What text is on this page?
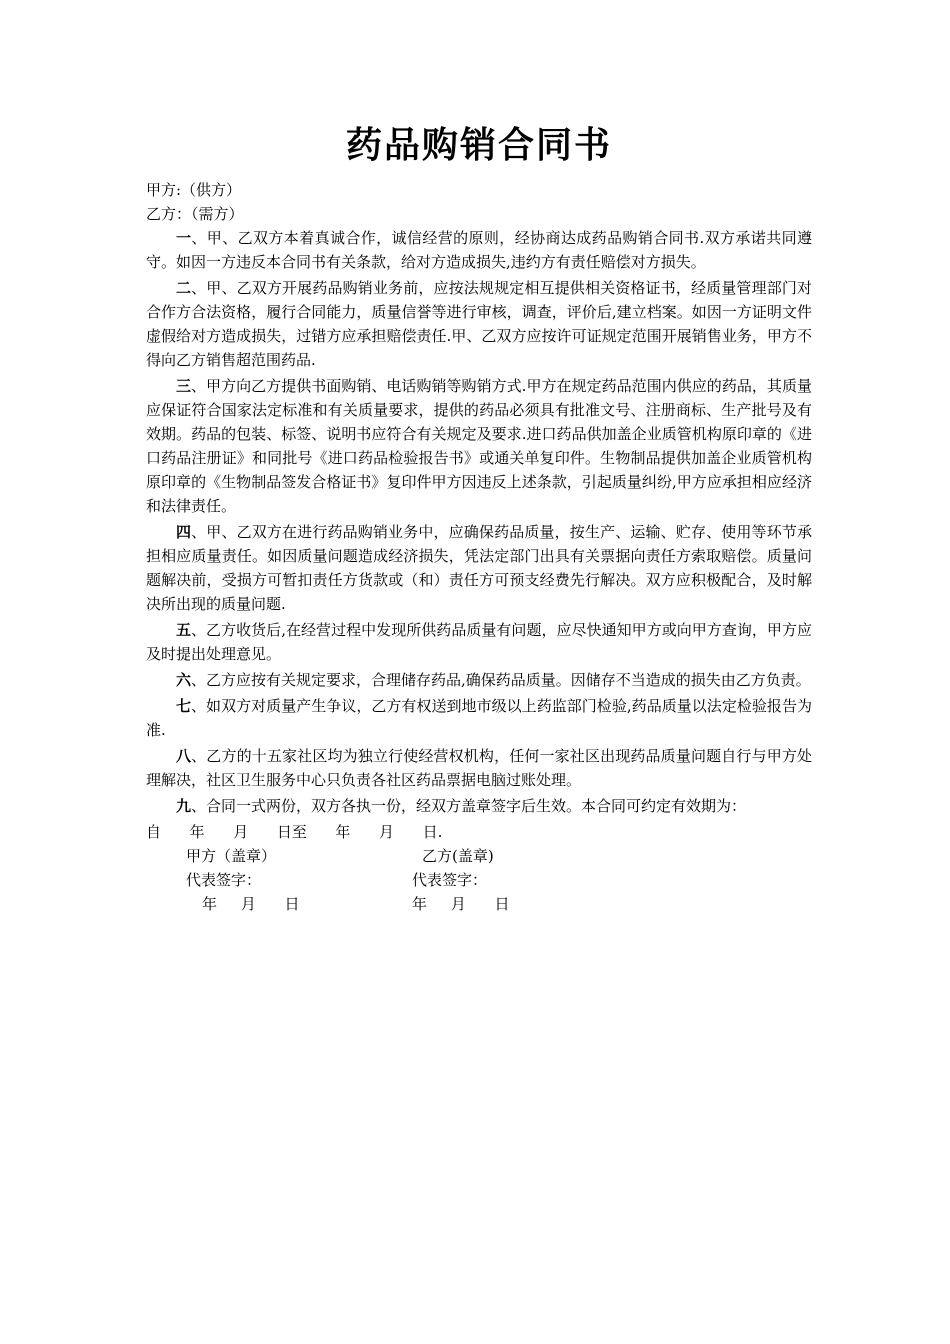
药品购销合同书

甲方:（供方）

乙方：（需方）

一、甲、乙双方本着真诚合作，诚信经营的原则，经协商达成药品购销合同书.双方承诺共同遵守。如因一方违反本合同书有关条款，给对方造成损失,违约方有责任赔偿对方损失。

二、甲、乙双方开展药品购销业务前，应按法规规定相互提供相关资格证书，经质量管理部门对合作方合法资格，履行合同能力，质量信誉等进行审核，调查，评价后,建立档案。如因一方证明文件虚假给对方造成损失，过错方应承担赔偿责任.甲、乙双方应按许可证规定范围开展销售业务，甲方不得向乙方销售超范围药品.

三、甲方向乙方提供书面购销、电话购销等购销方式.甲方在规定药品范围内供应的药品，其质量应保证符合国家法定标准和有关质量要求，提供的药品必须具有批准文号、注册商标、生产批号及有效期。药品的包装、标签、说明书应符合有关规定及要求.进口药品供加盖企业质管机构原印章的《进口药品注册证》和同批号《进口药品检验报告书》或通关单复印件。生物制品提供加盖企业质管机构原印章的《生物制品签发合格证书》复印件甲方因违反上述条款，引起质量纠纷,甲方应承担相应经济和法律责任。

四、甲、乙双方在进行药品购销业务中，应确保药品质量，按生产、运输、贮存、使用等环节承担相应质量责任。如因质量问题造成经济损失，凭法定部门出具有关票据向责任方索取赔偿。质量问题解决前，受损方可暂扣责任方货款或（和）责任方可预支经费先行解决。双方应积极配合，及时解决所出现的质量问题.

五、乙方收货后,在经营过程中发现所供药品质量有问题，应尽快通知甲方或向甲方查询，甲方应及时提出处理意见。

六、乙方应按有关规定要求，合理储存药品,确保药品质量。因储存不当造成的损失由乙方负责。

七、如双方对质量产生争议，乙方有权送到地市级以上药监部门检验,药品质量以法定检验报告为准.

八、乙方的十五家社区均为独立行使经营权机构，任何一家社区出现药品质量问题自行与甲方处理解决，社区卫生服务中心只负责各社区药品票据电脑过账处理。

九、合同一式两份，双方各执一份，经双方盖章签字后生效。本合同可约定有效期为：

自      年      月      日至      年      月      日.

甲方（盖章）	乙方(盖章)
代表签字：	代表签字：
年     月      日	年     月      日
